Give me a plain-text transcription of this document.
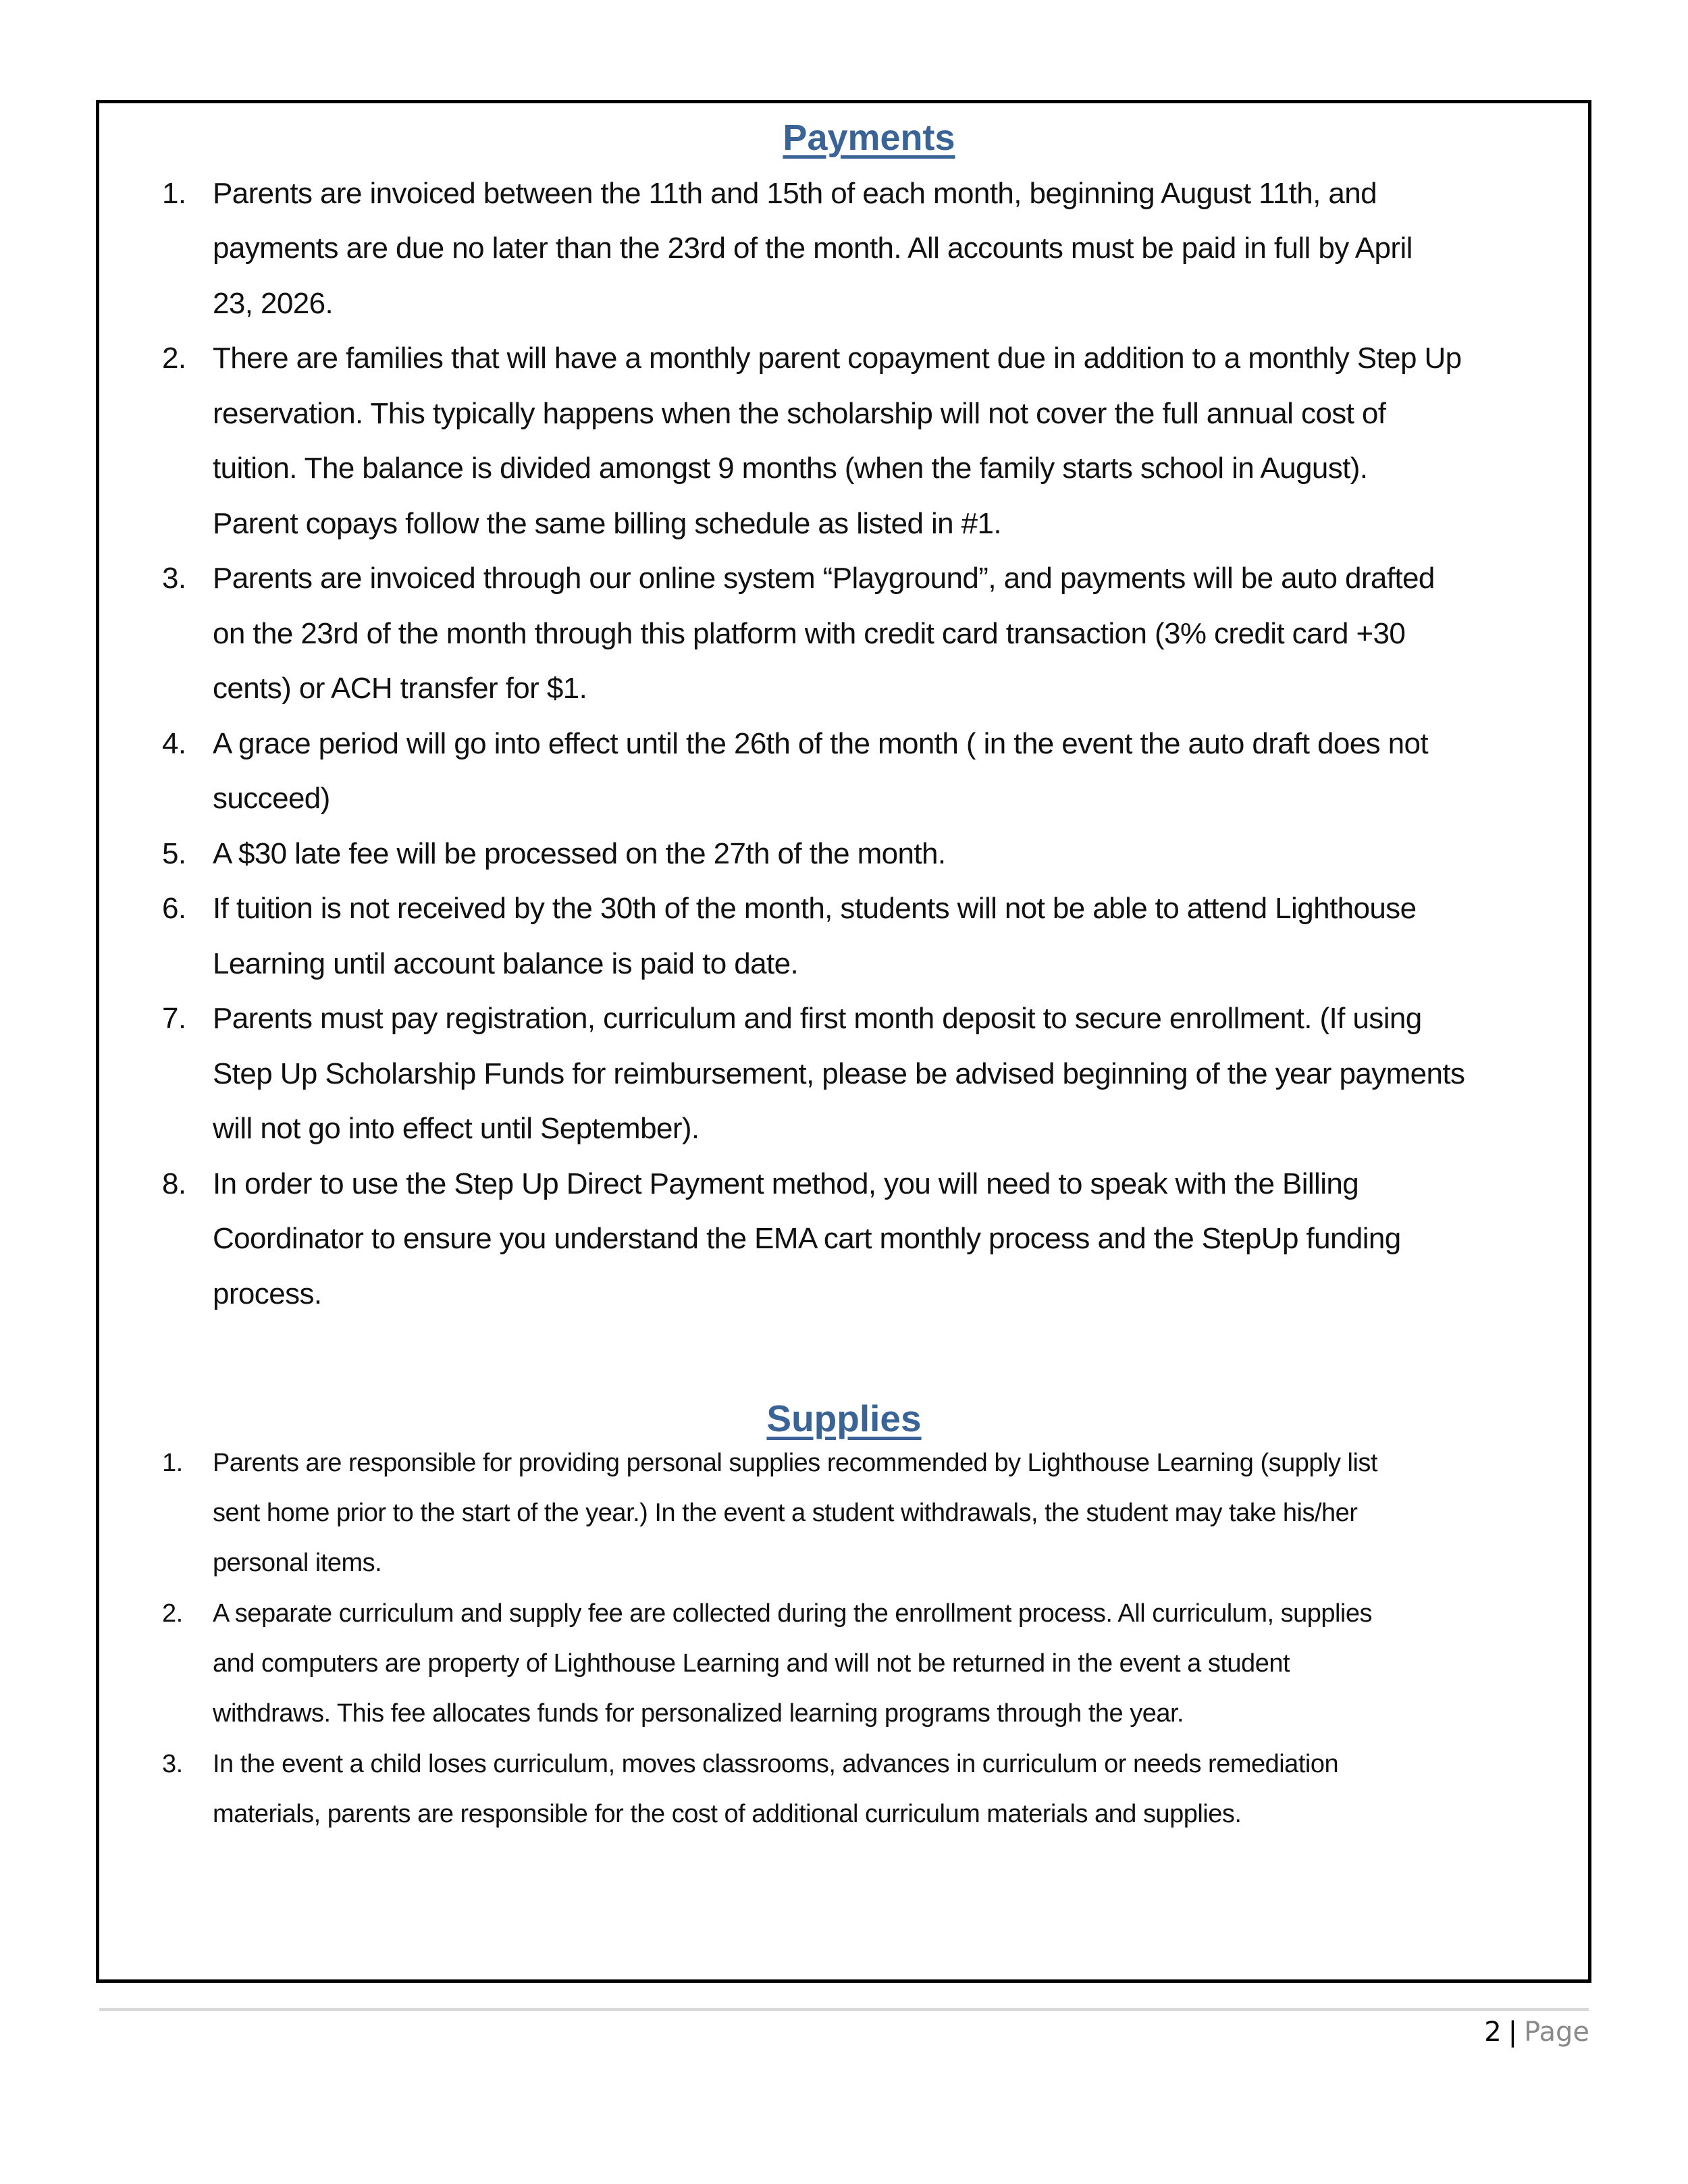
Payments
1. Parents are invoiced between the 11th and 15th of each month, beginning August 11th, and
payments are due no later than the 23rd of the month. All accounts must be paid in full by April
23, 2026.
2. There are families that will have a monthly parent copayment due in addition to a monthly Step Up
reservation. This typically happens when the scholarship will not cover the full annual cost of
tuition. The balance is divided amongst 9 months (when the family starts school in August).
Parent copays follow the same billing schedule as listed in #1.
3. Parents are invoiced through our online system “Playground”, and payments will be auto drafted
on the 23rd of the month through this platform with credit card transaction (3% credit card +30
cents) or ACH transfer for $1.
4. A grace period will go into effect until the 26th of the month ( in the event the auto draft does not
succeed)
5. A $30 late fee will be processed on the 27th of the month.
6. If tuition is not received by the 30th of the month, students will not be able to attend Lighthouse
Learning until account balance is paid to date.
7. Parents must pay registration, curriculum and first month deposit to secure enrollment. (If using
Step Up Scholarship Funds for reimbursement, please be advised beginning of the year payments
will not go into effect until September).
8. In order to use the Step Up Direct Payment method, you will need to speak with the Billing
Coordinator to ensure you understand the EMA cart monthly process and the StepUp funding
process.
Supplies
1. Parents are responsible for providing personal supplies recommended by Lighthouse Learning (supply list
sent home prior to the start of the year.) In the event a student withdrawals, the student may take his/her
personal items.
2. A separate curriculum and supply fee are collected during the enrollment process. All curriculum, supplies
and computers are property of Lighthouse Learning and will not be returned in the event a student
withdraws. This fee allocates funds for personalized learning programs through the year.
3. In the event a child loses curriculum, moves classrooms, advances in curriculum or needs remediation
materials, parents are responsible for the cost of additional curriculum materials and supplies.
2 | Page
